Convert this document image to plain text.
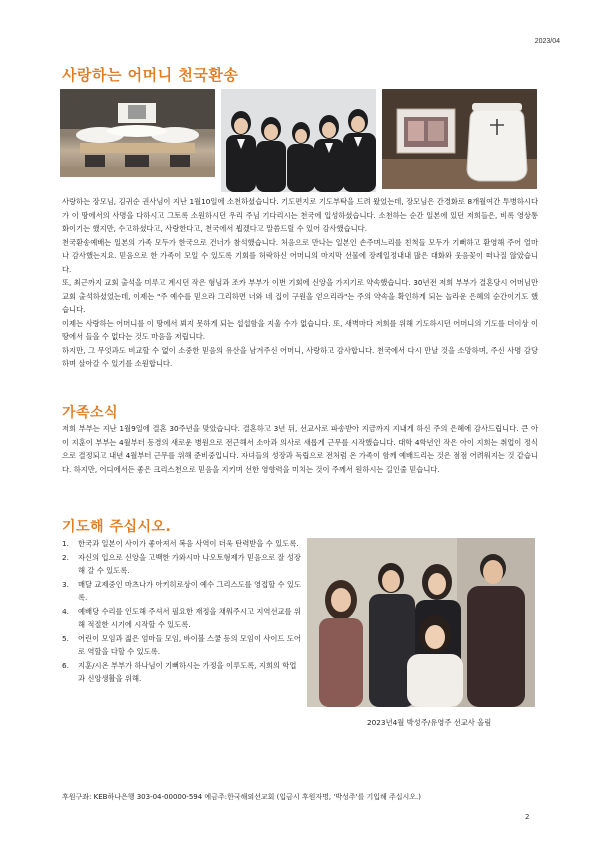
2023/04
사랑하는 어머니 천국환송

사랑하는 장모님, 김귀순 권사님이 지난 1월10일에 소천하셨습니다. 기도편지로 기도부탁을 드려 왔었는데, 장모님은 간경화로 8개월여간 투병하시다가 이 땅에서의 사명을 다하시고 그토록 소원하시던 우리 주님 기다리시는 천국에 입성하셨습니다. 소천하는 순간 일본에 있던 저희들은, 비록 영상통화이기는 했지만, 수고하셨다고, 사랑한다고, 천국에서 뵙겠다고 말씀드릴 수 있어 감사했습니다.

천국환송예배는 일본의 가족 모두가 한국으로 건너가 참석했습니다. 처음으로 만나는 일본인 손주며느리를 친척들 모두가 기뻐하고 환영해 주어 얼마나 감사했는지요. 믿음으로 한 가족이 모일 수 있도록 기회를 허락하신 어머니의 마지막 선물에 장례일정내내 많은 대화와 웃음꽃이 떠나질 않았습니다.

또, 최근까지 교회 출석을 미루고 계시던 작은 형님과 조카 부부가 이번 기회에 신앙을 가지기로 약속했습니다. 30년전 저희 부부가 결혼당시 어머님만 교회 출석하셨었는데, 이제는 "주 예수를 믿으라 그리하면 너와 네 집이 구원을 얻으리라"는 주의 약속을 확인하게 되는 놀라운 은혜의 순간이기도 했습니다.

이제는 사랑하는 어머니를 이 땅에서 뵈지 못하게 되는 섭섭함을 지울 수가 없습니다. 또, 새벽마다 저희를 위해 기도하시던 어머니의 기도를 더이상 이땅에서 들을 수 없다는 것도 마음을 저립니다.

하지만, 그 무엇과도 비교할 수 없이 소중한 믿음의 유산을 남겨주신 어머니, 사랑하고 감사합니다. 천국에서 다시 만날 것을 소망하며, 주신 사명 감당하며 살아갈 수 있기를 소원합니다.

가족소식

저희 부부는 지난 1월9일에 결혼 30주년을 맞았습니다. 결혼하고 3년 뒤, 선교사로 파송받아 지금까지 지내게 하신 주의 은혜에 감사드립니다. 큰 아이 지훈이 부부는 4월부터 동경의 새로운 병원으로 전근해서 소아과 의사로 새롭게 근무를 시작했습니다. 대학 4학년인 작은 아이 지희는 취업이 정식으로 결정되고 내년 4월부터 근무를 위해 준비중입니다. 자녀들의 성장과 독립으로 전처럼 온 가족이 함께 예배드리는 것은 점점 어려워지는 것 같습니다. 하지만, 어디에서든 좋은 크리스천으로 믿음을 지키며 선한 영향력을 미치는 것이 주께서 원하시는 길인줄 믿습니다.

기도해 주십시오.
1. 한국과 일본이 사이가 좋아져서 복음 사역이 더욱 탄력받을 수 있도록.
2. 자신의 입으로 신앙을 고백한 가와시마 나오토형제가 믿음으로 잘 성장해 갈 수 있도록.
3. 매달 교제중인 마츠나가 아키히로상이 예수 그리스도를 영접할 수 있도록.
4. 예배당 수리를 인도해 주셔서 필요한 재정을 채워주시고 지역선교를 위해 적절한 시기에 시작할 수 있도록.
5. 어린이 모임과 젊은 엄마들 모임, 바이블 스쿨 등의 모임이 사이드 도어로 역할을 다할 수 있도록.
6. 지훈/시온 부부가 하나님이 기뻐하시는 가정을 이루도록, 지희의 학업과 신앙생활을 위해.
2023년4월 박성주/유영주 선교사 올림
후원구좌: KEB하나은행 303-04-00000-594 예금주:한국해외선교회 (입금시 후원자명, '박성주'를 기입해 주십시오.)
2
